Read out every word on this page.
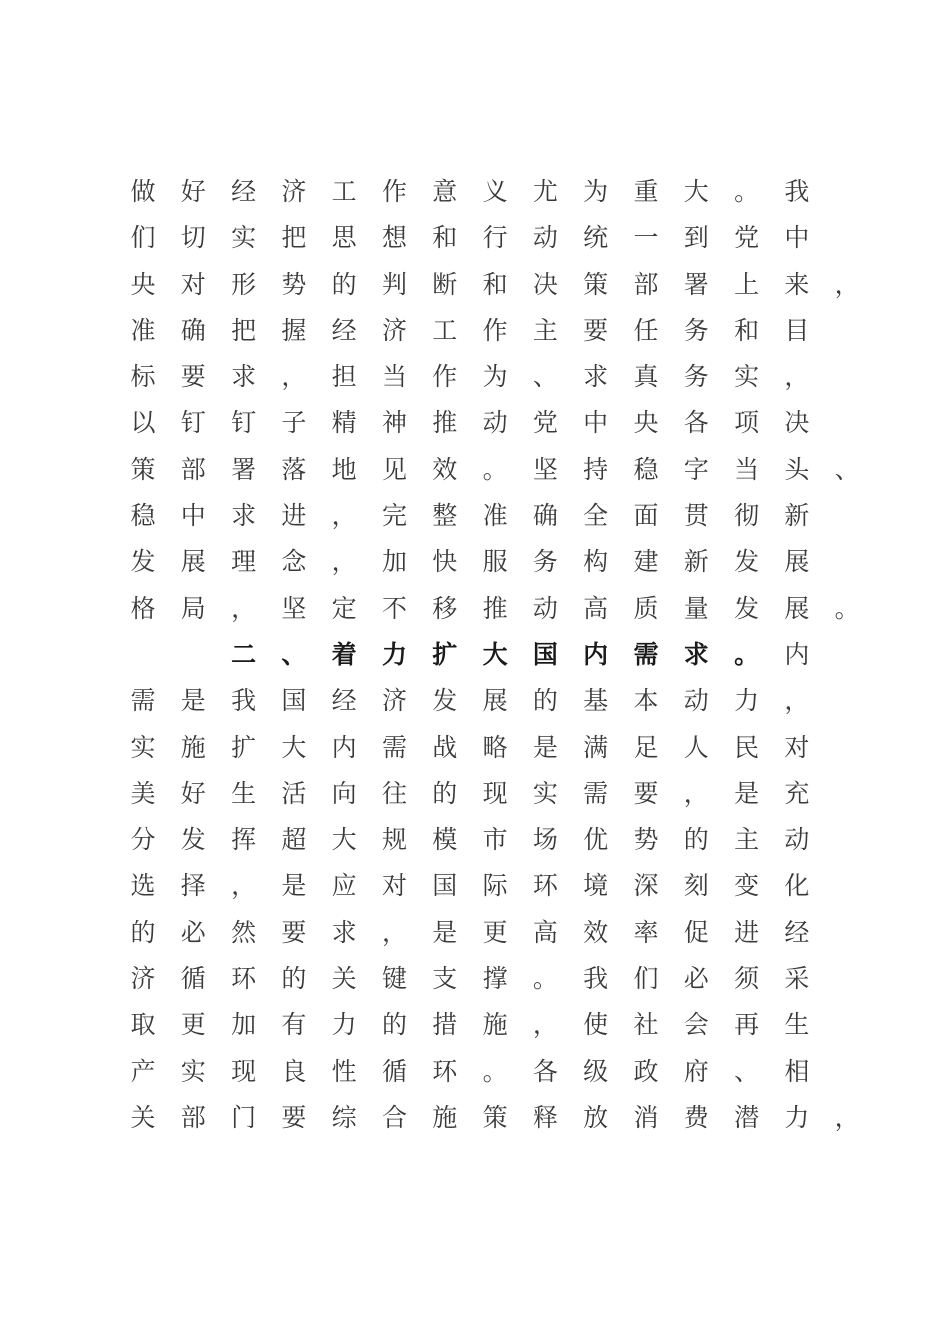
做 好 经 济 工 作 意 义 尤 为 重 大 。 我
们 切 实 把 思 想 和 行 动 统 一 到 党 中
央 对 形 势 的 判 断 和 决 策 部 署 上 来 ，
准 确 把 握 经 济 工 作 主 要 任 务 和 目
标 要 求 ， 担 当 作 为 、 求 真 务 实 ，
以 钉 钉 子 精 神 推 动 党 中 央 各 项 决
策 部 署 落 地 见 效 。 坚 持 稳 字 当 头 、
稳 中 求 进 ， 完 整 准 确 全 面 贯 彻 新
发 展 理 念 ， 加 快 服 务 构 建 新 发 展
格 局 ， 坚 定 不 移 推 动 高 质 量 发 展 。
二 、 着 力 扩 大 国 内 需 求 。 内
需 是 我 国 经 济 发 展 的 基 本 动 力 ，
实 施 扩 大 内 需 战 略 是 满 足 人 民 对
美 好 生 活 向 往 的 现 实 需 要 ， 是 充
分 发 挥 超 大 规 模 市 场 优 势 的 主 动
选 择 ， 是 应 对 国 际 环 境 深 刻 变 化
的 必 然 要 求 ， 是 更 高 效 率 促 进 经
济 循 环 的 关 键 支 撑 。 我 们 必 须 采
取 更 加 有 力 的 措 施 ， 使 社 会 再 生
产 实 现 良 性 循 环 。 各 级 政 府 、 相
关 部 门 要 综 合 施 策 释 放 消 费 潜 力 ，
